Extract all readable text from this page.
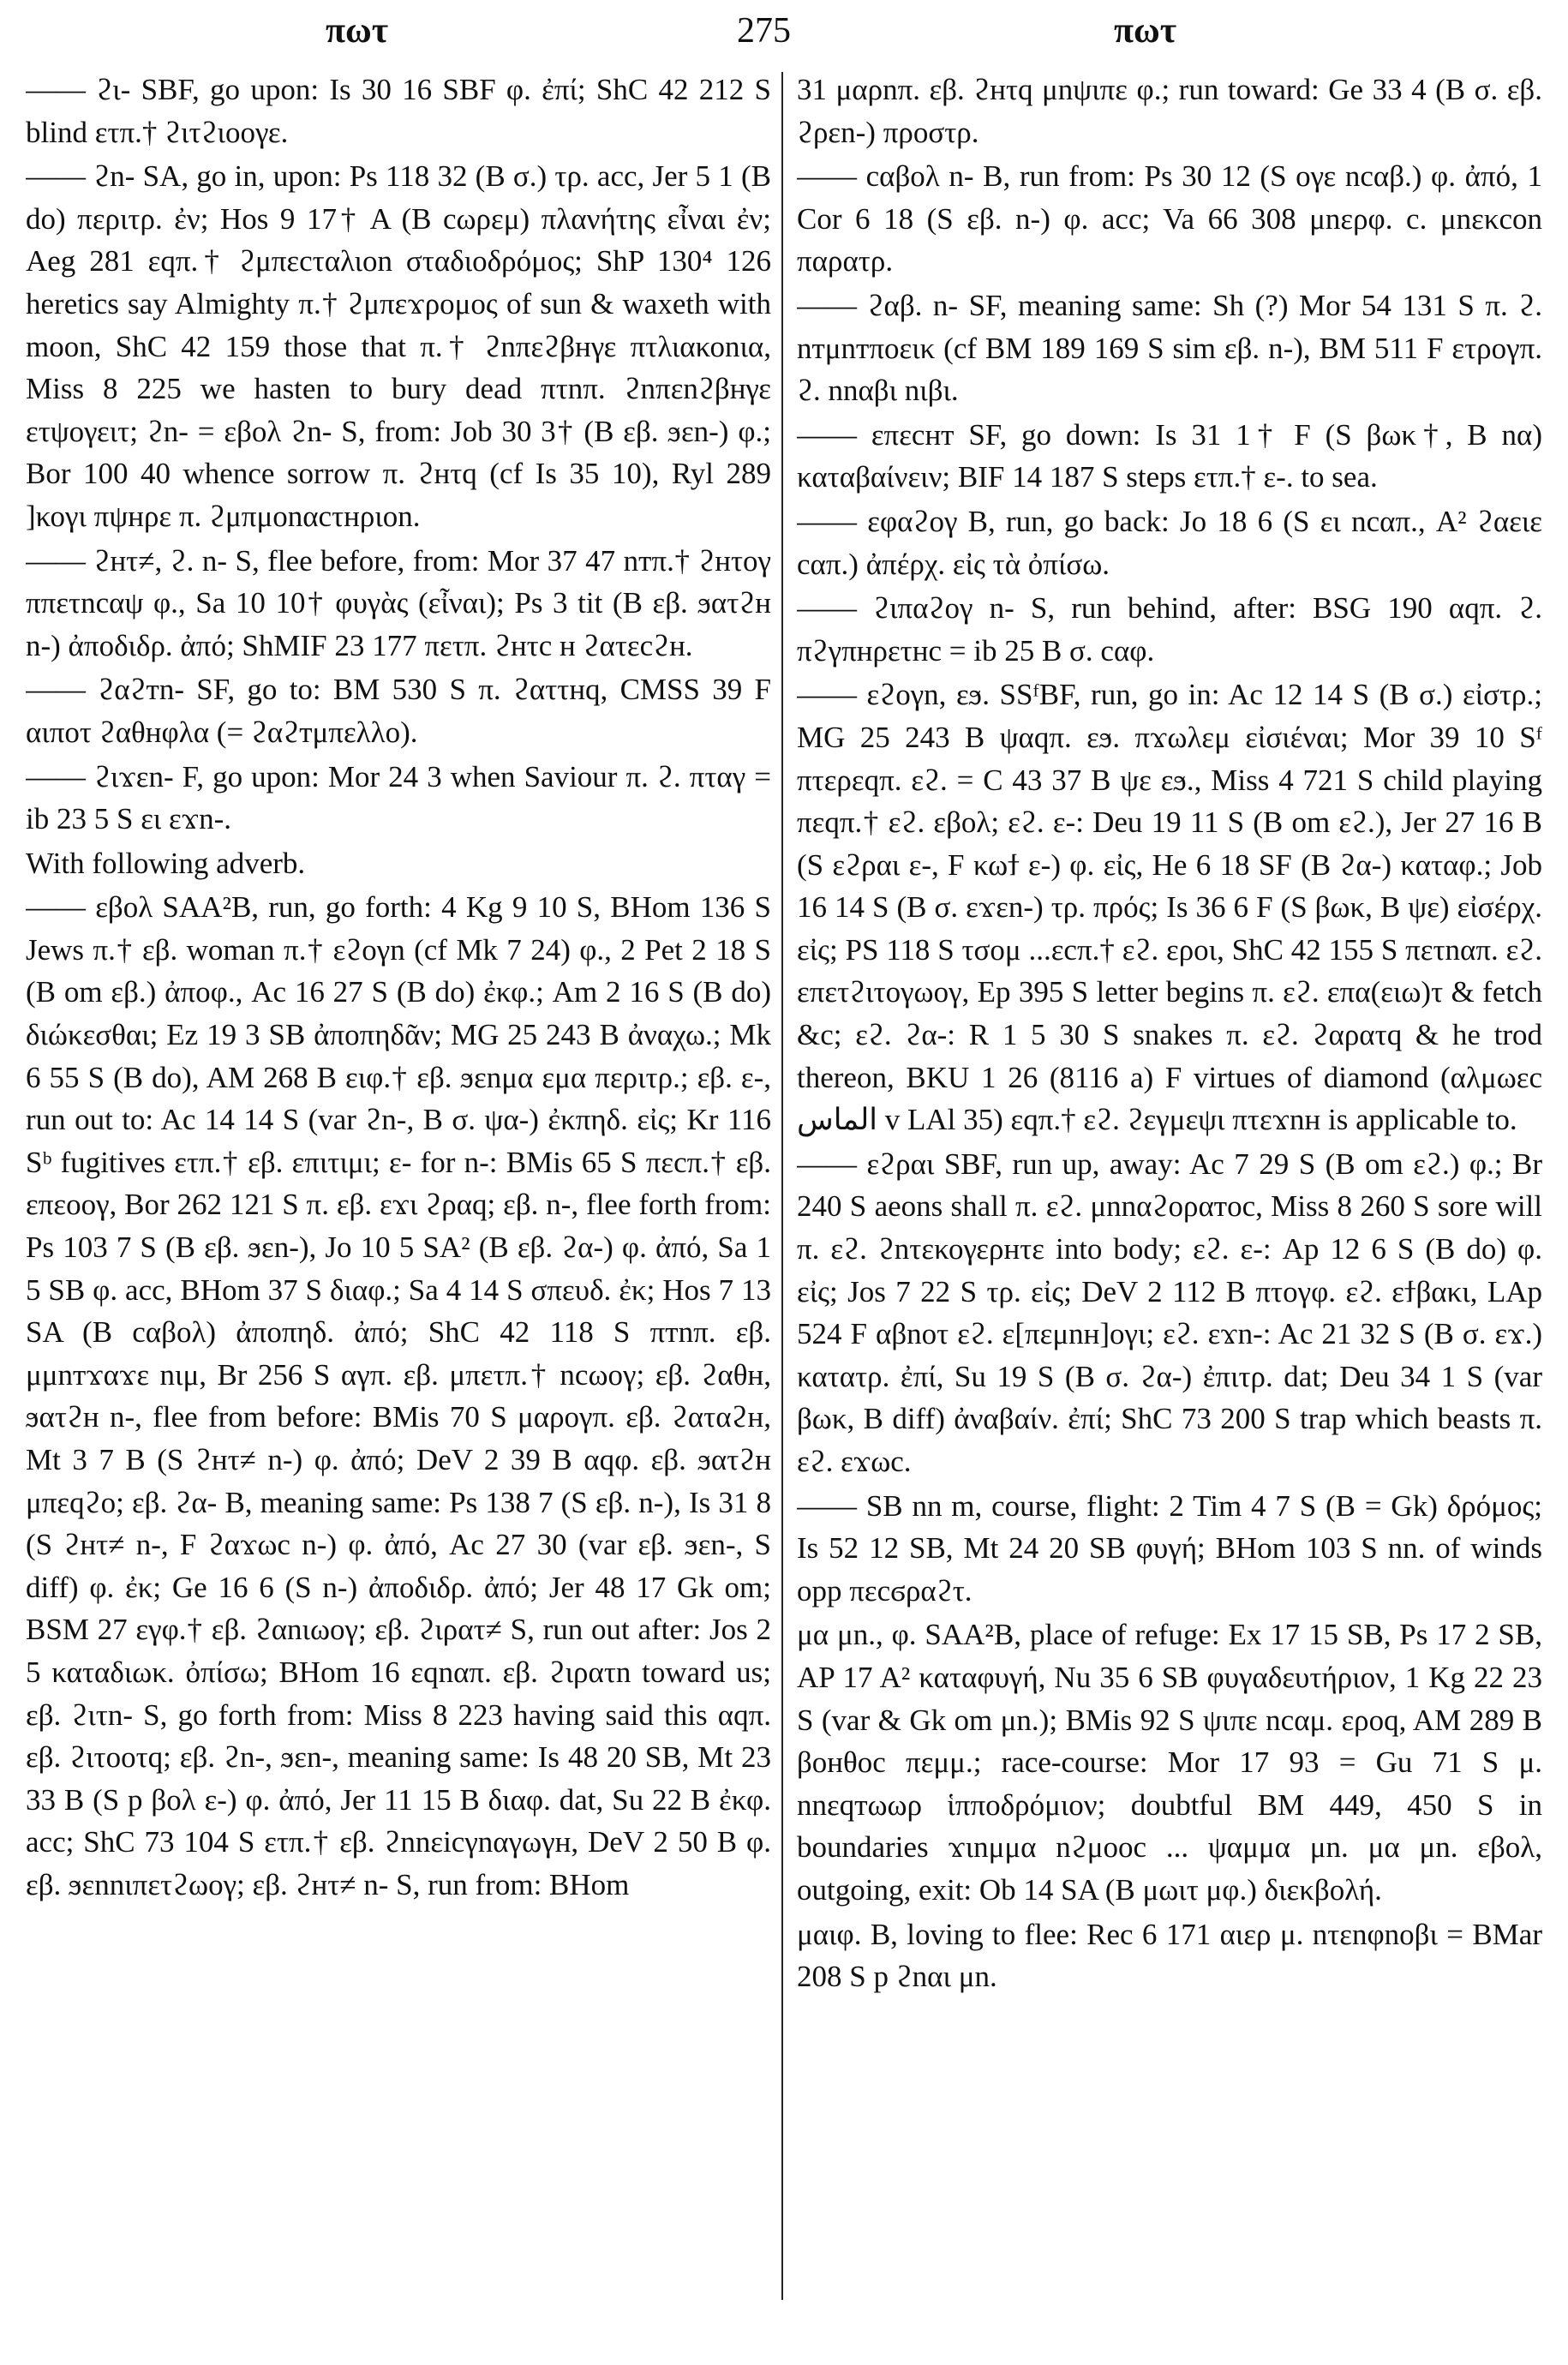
πωτ	275	πωτ

—— ϩι- SBF, go upon: Is 30 16 SBF φ. ἐπί; ShC 42 212 S blind ετπ.† ϩιτϩιοογε.

—— ϩn- SA, go in, upon: Ps 118 32 (B σ.) τρ. acc, Jer 5 1 (B do) περιτρ. ἐν; Hos 9 17† A (B cωρεμ) πλανήτης εἶναι ἐν; Aeg 281 εqπ.† ϩμπεcταλιοn σταδιοδρόμος; ShP 130⁴ 126 heretics say Almighty π.† ϩμπεϫρομος of sun & waxeth with moon, ShC 42 159 those that π.† ϩnπεϩβнγε πτλιακοnια, Miss 8 225 we hasten to bury dead πτnπ. ϩnπεnϩβнγε ετψογειτ; ϩn- = εβολ ϩn- S, from: Job 30 3† (B εβ. ϧεn-) φ.; Bor 100 40 whence sorrow π. ϩнτq (cf Is 35 10), Ryl 289 ]κογι πψнρε π. ϩμπμοnαcτнριοn.

—— ϩнτ≠, ϩ. n- S, flee before, from: Mor 37 47 nтπ.† ϩнτογ ππετncαψ φ., Sa 10 10† φυγὰς (εἶναι); Ps 3 tit (B εβ. ϧατϩн n-) ἀποδιδρ. ἀπό; ShMIF 23 177 πετπ. ϩнτc н ϩατεcϩн.

—— ϩαϩтn- SF, go to: BM 530 S π. ϩαττнq, CMSS 39 F αιποτ ϩαθнφλα (= ϩαϩтμπελλο).

—— ϩιϫεn- F, go upon: Mor 24 3 when Saviour π. ϩ. πταγ = ib 23 5 S ει εϫn-.

With following adverb.

—— εβολ SAA²B, run, go forth: 4 Kg 9 10 S, BHom 136 S Jews π.† εβ. woman π.† εϩογn (cf Mk 7 24) φ., 2 Pet 2 18 S (B om εβ.) ἀποφ., Ac 16 27 S (B do) ἐκφ.; Am 2 16 S (B do) διώκεσθαι; Ez 19 3 SB ἀποπηδᾶν; MG 25 243 B ἀναχω.; Mk 6 55 S (B do), AM 268 B ειφ.† εβ. ϧεnμα εμα περιτρ.; εβ. ε-, run out to: Ac 14 14 S (var ϩn-, B σ. ψα-) ἐκπηδ. εἰς; Kr 116 Sᵇ fugitives ετπ.† εβ. επιτιμι; ε- for n-: BMis 65 S πεcπ.† εβ. επεοογ, Bor 262 121 S π. εβ. εϫι ϩραq; εβ. n-, flee forth from: Ps 103 7 S (B εβ. ϧεn-), Jo 10 5 SA² (B εβ. ϩα-) φ. ἀπό, Sa 1 5 SB φ. acc, BHom 37 S διαφ.; Sa 4 14 S σπευδ. ἐκ; Hos 7 13 SA (B cαβολ) ἀποπηδ. ἀπό; ShC 42 118 S πтnπ. εβ. μμnтϫαϫε nιμ, Br 256 S αγπ. εβ. μπετπ.† ncωογ; εβ. ϩαθн, ϧατϩн n-, flee from before: BMis 70 S μαρογπ. εβ. ϩαταϩн, Mt 3 7 B (S ϩнτ≠ n-) φ. ἀπό; DeV 2 39 B αqφ. εβ. ϧατϩн μπεqϩο; εβ. ϩα- B, meaning same: Ps 138 7 (S εβ. n-), Is 31 8 (S ϩнτ≠ n-, F ϩαϫωc n-) φ. ἀπό, Ac 27 30 (var εβ. ϧεn-, S diff) φ. ἐκ; Ge 16 6 (S n-) ἀποδιδρ. ἀπό; Jer 48 17 Gk om; BSM 27 εγφ.† εβ. ϩαnιωογ; εβ. ϩιρατ≠ S, run out after: Jos 2 5 καταδιωκ. ὀπίσω; BHom 16 εqnαπ. εβ. ϩιρατn toward us; εβ. ϩιτn- S, go forth from: Miss 8 223 having said this αqπ. εβ. ϩιτοοτq; εβ. ϩn-, ϧεn-, meaning same: Is 48 20 SB, Mt 23 33 B (S p βολ ε-) φ. ἀπό, Jer 11 15 B διαφ. dat, Su 22 B ἐκφ. acc; ShC 73 104 S ετπ.† εβ. ϩnnεicγnαγωγн, DeV 2 50 B φ. εβ. ϧεnnιπετϩωογ; εβ. ϩнτ≠ n- S, run from: BHom

31 μαρnπ. εβ. ϩнτq μnψιπε φ.; run toward: Ge 33 4 (B σ. εβ. ϩρεn-) προστρ.

—— cαβολ n- B, run from: Ps 30 12 (S ογε ncαβ.) φ. ἀπό, 1 Cor 6 18 (S εβ. n-) φ. acc; Va 66 308 μnερφ. c. μnεκcon παρατρ.

—— ϩαβ. n- SF, meaning same: Sh (?) Mor 54 131 S π. ϩ. nтμnтποεικ (cf BM 189 169 S sim εβ. n-), BM 511 F ετρογπ. ϩ. nnαβι nιβι.

—— επεcнт SF, go down: Is 31 1† F (S βωκ†, B nα) καταβαίνειν; BIF 14 187 S steps ετπ.† ε-. to sea.

—— εφαϩογ B, run, go back: Jo 18 6 (S ει ncαπ., A² ϩαειε cαπ.) ἀπέρχ. εἰς τὰ ὀπίσω.

—— ϩιπαϩογ n- S, run behind, after: BSG 190 αqπ. ϩ. πϩγπнρετнc = ib 25 B σ. cαφ.

—— εϩογn, εϧ. SSᶠBF, run, go in: Ac 12 14 S (B σ.) εἰστρ.; MG 25 243 B ψαqπ. εϧ. πϫωλεμ εἰσιέναι; Mor 39 10 Sᶠ πτερεqπ. εϩ. = C 43 37 B ψε εϧ., Miss 4 721 S child playing πεqπ.† εϩ. εβολ; εϩ. ε-: Deu 19 11 S (B om εϩ.), Jer 27 16 B (S εϩραι ε-, F κωϯ ε-) φ. εἰς, He 6 18 SF (B ϩα-) καταφ.; Job 16 14 S (B σ. εϫεn-) τρ. πρός; Is 36 6 F (S βωκ, B ψε) εἰσέρχ. εἰς; PS 118 S τσομ ...εcπ.† εϩ. εροι, ShC 42 155 S πετnαπ. εϩ. επετϩιτογωογ, Ep 395 S letter begins π. εϩ. επα(ειω)τ & fetch &c; εϩ. ϩα-: R 1 5 30 S snakes π. εϩ. ϩαρατq & he trod thereon, BKU 1 26 (8116 a) F virtues of diamond (αλμωεc الماس v LAl 35) εqπ.† εϩ. ϩεγμεψι πτεϫnн is applicable to.

—— εϩραι SBF, run up, away: Ac 7 29 S (B om εϩ.) φ.; Br 240 S aeons shall π. εϩ. μnnαϩοραтοc, Miss 8 260 S sore will π. εϩ. ϩnτεκογερнτε into body; εϩ. ε-: Ap 12 6 S (B do) φ. εἰς; Jos 7 22 S τρ. εἰς; DeV 2 112 B πτογφ. εϩ. εϯβακι, LAp 524 F αβnοτ εϩ. ε[πεμnн]ογι; εϩ. εϫn-: Ac 21 32 S (B σ. εϫ.) κατατρ. ἐπί, Su 19 S (B σ. ϩα-) ἐπιτρ. dat; Deu 34 1 S (var βωκ, B diff) ἀναβαίν. ἐπί; ShC 73 200 S trap which beasts π. εϩ. εϫωc.

—— SB nn m, course, flight: 2 Tim 4 7 S (B = Gk) δρόμος; Is 52 12 SB, Mt 24 20 SB φυγή; BHom 103 S nn. of winds opp πεcϭραϩτ.

μα μn., φ. SAA²B, place of refuge: Ex 17 15 SB, Ps 17 2 SB, AP 17 A² καταφυγή, Nu 35 6 SB φυγαδευτήριον, 1 Kg 22 23 S (var & Gk om μn.); BMis 92 S ψιπε ncαμ. εροq, AM 289 B βοнθοc πεμμ.; race-course: Mor 17 93 = Gu 71 S μ. nnεqтωωρ ἱπποδρόμιον; doubtful BM 449, 450 S in boundaries ϫιnμμα nϩμοοc ... ψαμμα μn. μα μn. εβολ, outgoing, exit: Ob 14 SA (B μωιτ μφ.) διεκβολή.

μαιφ. B, loving to flee: Rec 6 171 αιερ μ. nτεnφnοβι = BMar 208 S p ϩnαι μn.
